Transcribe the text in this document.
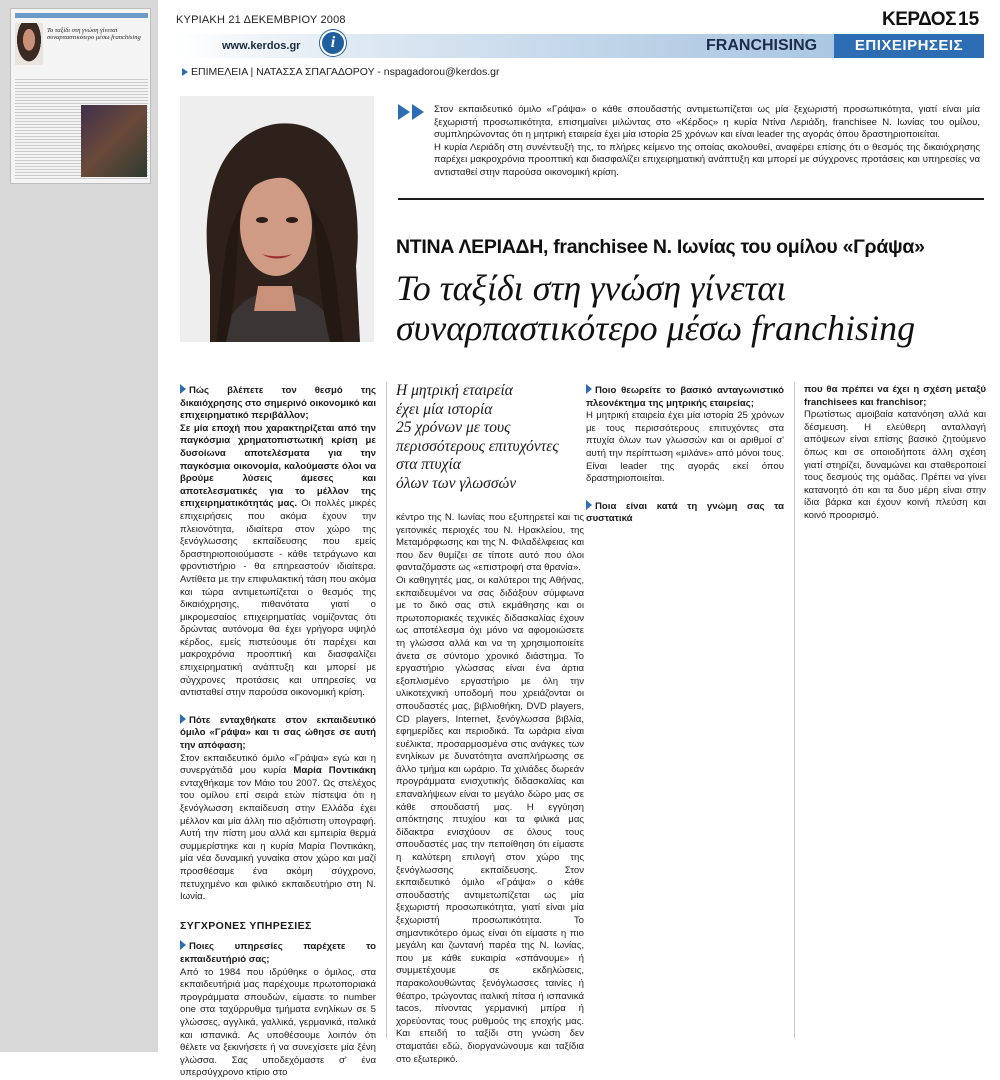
Το ταξίδι στη γνώση γίνεται συναρπαστικότερο μέσω franchising
ΚΥΡΙΑΚΗ 21 ΔΕΚΕΜΒΡΙΟΥ 2008	ΚΕΡΔΟΣ 15
www.kerdos.gr	i	FRANCHISING	ΕΠΙΧΕΙΡΗΣΕΙΣ
ΕΠΙΜΕΛΕΙΑ | ΝΑΤΑΣΣΑ ΣΠΑΓΑΔΟΡΟΥ - nspagadorou@kerdos.gr

Στον εκπαιδευτικό όμιλο «Γράψα» ο κάθε σπουδαστής αντιμετωπίζεται ως μία ξεχωριστή προσωπικότητα, γιατί είναι μία ξεχωριστή προσωπικότητα, επισημαίνει μιλώντας στο «Κέρδος» η κυρία Ντίνα Λεριάδη, franchisee Ν. Ιωνίας του ομίλου, συμπληρώνοντας ότι η μητρική εταιρεία έχει μία ιστορία 25 χρόνων και είναι leader της αγοράς όπου δραστηριοποιείται.

Η κυρία Λεριάδη στη συνέντευξή της, το πλήρες κείμενο της οποίας ακολουθεί, αναφέρει επίσης ότι ο θεσμός της δικαιόχρησης παρέχει μακροχρόνια προοπτική και διασφαλίζει επιχειρηματική ανάπτυξη και μπορεί με σύγχρονες προτάσεις και υπηρεσίες να αντισταθεί στην παρούσα οικονομική κρίση.

ΝΤΙΝΑ ΛΕΡΙΑΔΗ, franchisee Ν. Ιωνίας του ομίλου «Γράψα»
Το ταξίδι στη γνώση γίνεται
συναρπαστικότερο μέσω franchising

Πώς βλέπετε τον θεσμό της δικαιόχρησης στο σημερινό οικονομικό και επιχειρηματικό περιβάλλον;

Σε μία εποχή που χαρακτηρίζεται από την παγκόσμια χρηματοπιστωτική κρίση με δυσοίωνα αποτελέσματα για την παγκόσμια οικονομία, καλούμαστε όλοι να βρούμε λύσεις άμεσες και αποτελεσματικές για το μέλλον της επιχειρηματικότητάς μας. Οι πολλές μικρές επιχειρήσεις που ακόμα έχουν την πλειονότητα, ιδιαίτερα στον χώρο της ξενόγλωσσης εκπαίδευσης που εμείς δραστηριοποιούμαστε - κάθε τετράγωνο και φροντιστήριο - θα επηρεαστούν ιδιαίτερα. Αντίθετα με την επιφυλακτική τάση που ακόμα και τώρα αντιμετωπίζεται ο θεσμός της δικαιόχρησης, πιθανότατα γιατί ο μικρομεσαίος επιχειρηματίας νομίζοντας ότι δρώντας αυτόνομα θα έχει γρήγορα υψηλό κέρδος, εμείς πιστεύουμε ότι παρέχει και μακροχρόνια προοπτική και διασφαλίζει επιχειρηματική ανάπτυξη και μπορεί με σύγχρονες προτάσεις και υπηρεσίες να αντισταθεί στην παρούσα οικονομική κρίση.

Πότε ενταχθήκατε στον εκπαιδευτικό όμιλο «Γράψα» και τι σας ώθησε σε αυτή την απόφαση;

Στον εκπαιδευτικό όμιλο «Γράψα» εγώ και η συνεργάτιδά μου κυρία Μαρία Ποντικάκη ενταχθήκαμε τον Μάιο του 2007. Ως στελέχος του ομίλου επί σειρά ετών πίστεψα ότι η ξενόγλωσση εκπαίδευση στην Ελλάδα έχει μέλλον και μία άλλη πιο αξιόπιστη υπογραφή. Αυτή την πίστη μου αλλά και εμπειρία θερμά συμμερίστηκε και η κυρία Μαρία Ποντικάκη, μία νέα δυναμική γυναίκα στον χώρο και μαζί προσθέσαμε ένα ακόμη σύγχρονο, πετυχημένο και φιλικό εκπαιδευτήριο στη Ν. Ιωνία.

ΣΥΓΧΡΟΝΕΣ ΥΠΗΡΕΣΙΕΣ

Ποιες υπηρεσίες παρέχετε το εκπαιδευτήριό σας;

Από το 1984 που ιδρύθηκε ο όμιλος, στα εκπαιδευτήριά μας παρέχουμε πρωτοποριακά προγράμματα σπουδών, είμαστε το number one στα ταχύρρυθμα τμήματα ενηλίκων σε 5 γλώσσες, αγγλικά, γαλλικά, γερμανικά, ιταλικά και ισπανικά. Ας υποθέσουμε λοιπόν ότι θέλετε να ξεκινήσετε ή να συνεχίσετε μία ξένη γλώσσα. Σας υποδεχόμαστε σ' ένα υπερσύγχρονο κτίριο στο

Η μητρική εταιρεία
έχει μία ιστορία
25 χρόνων με τους
περισσότερους επιτυχόντες
στα πτυχία
όλων των γλωσσών

κέντρο της Ν. Ιωνίας που εξυπηρετεί και τις γειτονικές περιοχές του Ν. Ηρακλείου, της Μεταμόρφωσης και της Ν. Φιλαδέλφειας και που δεν θυμίζει σε τίποτε αυτό που όλοι φανταζόμαστε ως «επιστροφή στα θρανία».

Οι καθηγητές μας, οι καλύτεροι της Αθήνας, εκπαιδευμένοι να σας διδάξουν σύμφωνα με το δικό σας στιλ εκμάθησης και οι πρωτοποριακές τεχνικές διδασκαλίας έχουν ως αποτέλεσμα όχι μόνο να αφομοιώσετε τη γλώσσα αλλά και να τη χρησιμοποιείτε άνετα σε σύντομο χρονικό διάστημα. Το εργαστήριο γλώσσας είναι ένα άρτια εξοπλισμένο εργαστήριο με όλη την υλικοτεχνική υποδομή που χρειάζονται οι σπουδαστές μας, βιβλιοθήκη, DVD players, CD players, Internet, ξενόγλωσσα βιβλία, εφημερίδες και περιοδικά. Τα ωράρια είναι ευέλικτα, προσαρμοσμένα στις ανάγκες των ενηλίκων με δυνατότητα αναπλήρωσης σε άλλο τμήμα και ωράριο. Τα χιλιάδες δωρεάν προγράμματα ενισχυτικής διδασκαλίας και επαναλήψεων είναι το μεγάλο δώρο μας σε κάθε σπουδαστή μας. Η εγγύηση απόκτησης πτυχίου και τα φιλικά μας δίδακτρα ενισχύουν σε όλους τους σπουδαστές μας την πεποίθηση ότι είμαστε η καλύτερη επιλογή στον χώρο της ξενόγλωσσης εκπαίδευσης. Στον εκπαιδευτικό όμιλο «Γράψα» ο κάθε σπουδαστής αντιμετωπίζεται ως μία ξεχωριστή προσωπικότητα, γιατί είναι μία ξεχωριστή προσωπικότητα. Το σημαντικότερο όμως είναι ότι είμαστε η πιο μεγάλη και ζωντανή παρέα της Ν. Ιωνίας, που με κάθε ευκαιρία «σπάνουμε» ή συμμετέχουμε σε εκδηλώσεις, παρακολουθώντας ξενόγλωσσες ταινίες ή θέατρο, τρώγοντας ιταλική πίτσα ή ισπανικά tacos, πίνοντας γερμανική μπίρα ή χορεύοντας τους ρυθμούς της εποχής μας. Και επειδή το ταξίδι στη γνώση δεν σταματάει εδώ, διοργανώνουμε και ταξίδια στο εξωτερικό.

Ποιο θεωρείτε το βασικό ανταγωνιστικό πλεονέκτημα της μητρικής εταιρείας;

Η μητρική εταιρεία έχει μία ιστορία 25 χρόνων με τους περισσότερους επιτυχόντες στα πτυχία όλων των γλωσσών και οι αριθμοί σ' αυτή την περίπτωση «μιλάνε» από μόνοι τους. Είναι leader της αγοράς εκεί όπου δραστηριοποιείται.

Ποια είναι κατά τη γνώμη σας τα συστατικά

που θα πρέπει να έχει η σχέση μεταξύ franchisees και franchisor;

Πρωτίστως αμοιβαία κατανόηση αλλά και δέσμευση. Η ελεύθερη ανταλλαγή απόψεων είναι επίσης βασικό ζητούμενο όπως και σε οποιοδήποτε άλλη σχέση γιατί στηρίζει, δυναμώνει και σταθεροποιεί τους δεσμούς της ομάδας. Πρέπει να γίνει κατανοητό ότι και τα δυο μέρη είναι στην ίδια βάρκα και έχουν κοινή πλεύση και κοινό προορισμό.
